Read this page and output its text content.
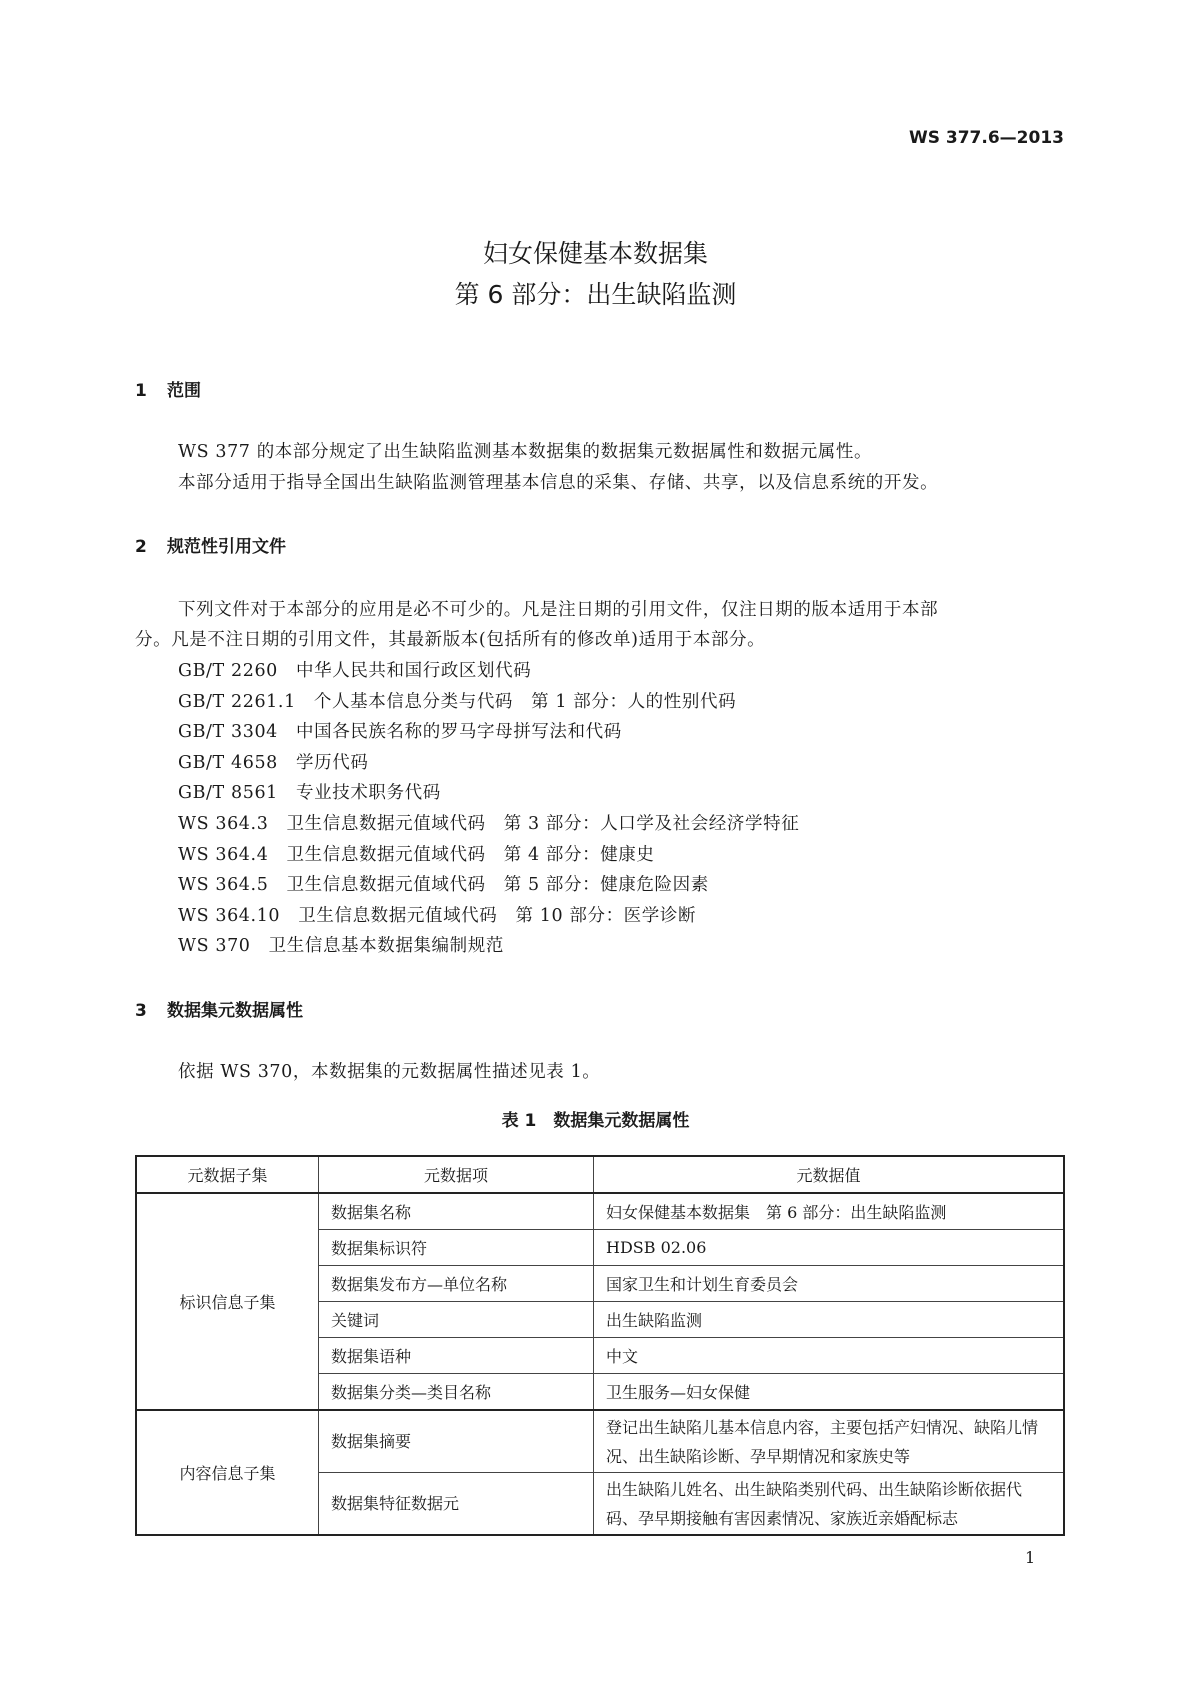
WS 377.6—2013
妇女保健基本数据集
第 6 部分：出生缺陷监测
1 范围
WS 377 的本部分规定了出生缺陷监测基本数据集的数据集元数据属性和数据元属性。
本部分适用于指导全国出生缺陷监测管理基本信息的采集、存储、共享，以及信息系统的开发。
2 规范性引用文件
下列文件对于本部分的应用是必不可少的。凡是注日期的引用文件，仅注日期的版本适用于本部
分。凡是不注日期的引用文件，其最新版本(包括所有的修改单)适用于本部分。
GB/T 2260　 中华人民共和国行政区划代码
GB/T 2261.1　 个人基本信息分类与代码　第 1 部分：人的性别代码
GB/T 3304　 中国各民族名称的罗马字母拼写法和代码
GB/T 4658　 学历代码
GB/T 8561　 专业技术职务代码
WS 364.3　 卫生信息数据元值域代码　第 3 部分：人口学及社会经济学特征
WS 364.4　 卫生信息数据元值域代码　第 4 部分：健康史
WS 364.5　 卫生信息数据元值域代码　第 5 部分：健康危险因素
WS 364.10　 卫生信息数据元值域代码　第 10 部分：医学诊断
WS 370　 卫生信息基本数据集编制规范
3 数据集元数据属性
依据 WS 370，本数据集的元数据属性描述见表 1。
表 1　数据集元数据属性
元数据子集	元数据项	元数据值
标识信息子集	数据集名称	妇女保健基本数据集　第 6 部分：出生缺陷监测
	数据集标识符	HDSB 02.06
	数据集发布方—单位名称	国家卫生和计划生育委员会
	关键词	出生缺陷监测
	数据集语种	中文
	数据集分类—类目名称	卫生服务—妇女保健
内容信息子集	数据集摘要	登记出生缺陷儿基本信息内容，主要包括产妇情况、缺陷儿情况、出生缺陷诊断、孕早期情况和家族史等
	数据集特征数据元	出生缺陷儿姓名、出生缺陷类别代码、出生缺陷诊断依据代码、孕早期接触有害因素情况、家族近亲婚配标志
1
